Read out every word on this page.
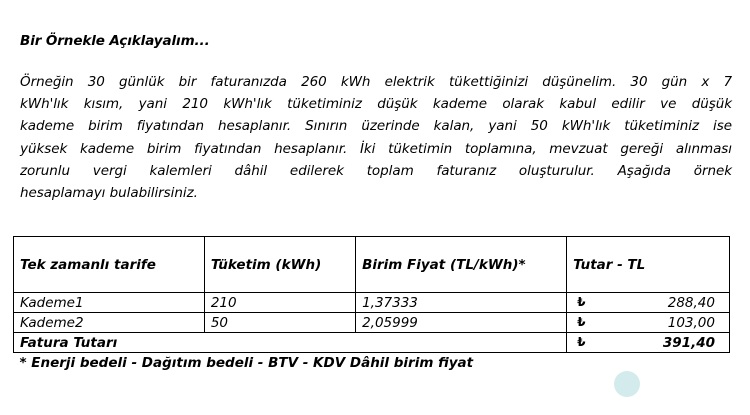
Bir Örnekle Açıklayalım...
Örneğin 30 günlük bir faturanızda 260 kWh elektrik tükettiğinizi düşünelim. 30 gün x 7
kWh'lık kısım, yani 210 kWh'lık tüketiminiz düşük kademe olarak kabul edilir ve düşük
kademe birim fiyatından hesaplanır. Sınırın üzerinde kalan, yani 50 kWh'lık tüketiminiz ise
yüksek kademe birim fiyatından hesaplanır. İki tüketimin toplamına, mevzuat gereği alınması
zorunlu vergi kalemleri dâhil edilerek toplam faturanız oluşturulur. Aşağıda örnek
hesaplamayı bulabilirsiniz.
Tek zamanlı tarife	Tüketim (kWh)	Birim Fiyat (TL/kWh)*	Tutar - TL
Kademe1	210	1,37333	₺ 288,40

Kademe2	50	2,05999	₺ 103,00

Fatura Tutarı			₺ 391,40

* Enerji bedeli - Dağıtım bedeli - BTV - KDV Dâhil birim fiyat			
